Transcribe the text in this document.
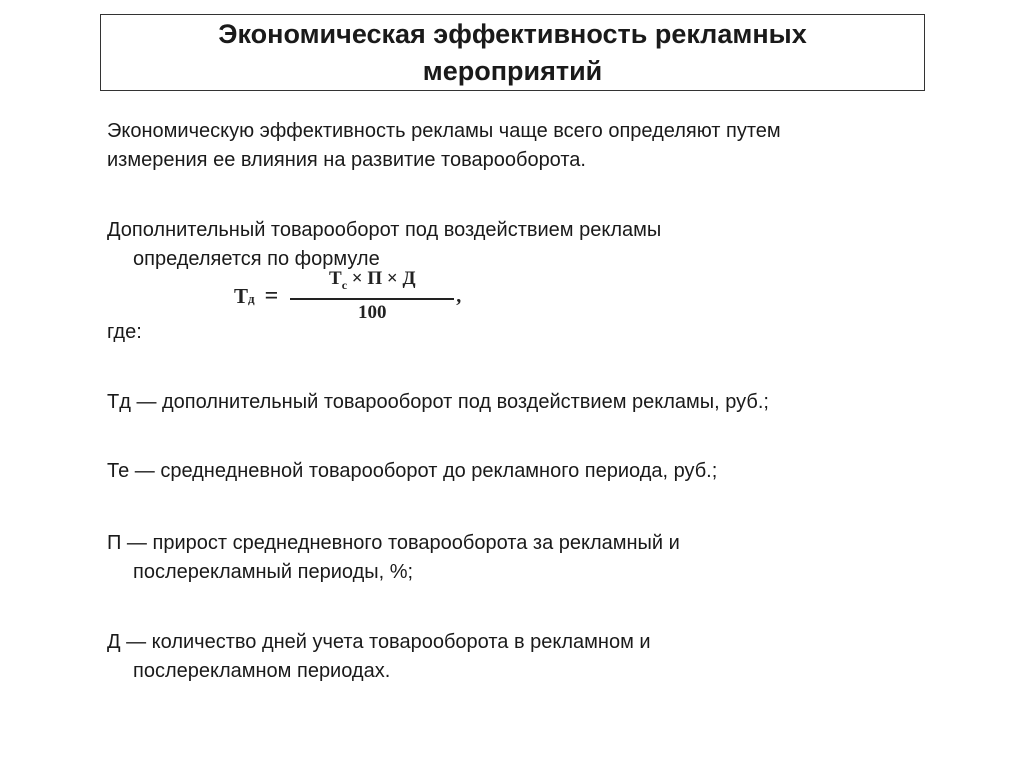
Экономическая эффективность рекламных
мероприятий
Экономическую эффективность рекламы чаще всего определяют путем
измерения ее влияния на развитие товарооборота.
Дополнительный товарооборот под воздействием рекламы
определяется по формуле
Т $д = \frac{Т_с \times П \times Д}{100}$ ,
где:
Тд — дополнительный товарооборот под воздействием рекламы, руб.;
Те — среднедневной товарооборот до рекламного периода, руб.;
П — прирост среднедневного товарооборота за рекламный и
послерекламный периоды, %;
Д — количество дней учета товарооборота в рекламном и
послерекламном периодах.
